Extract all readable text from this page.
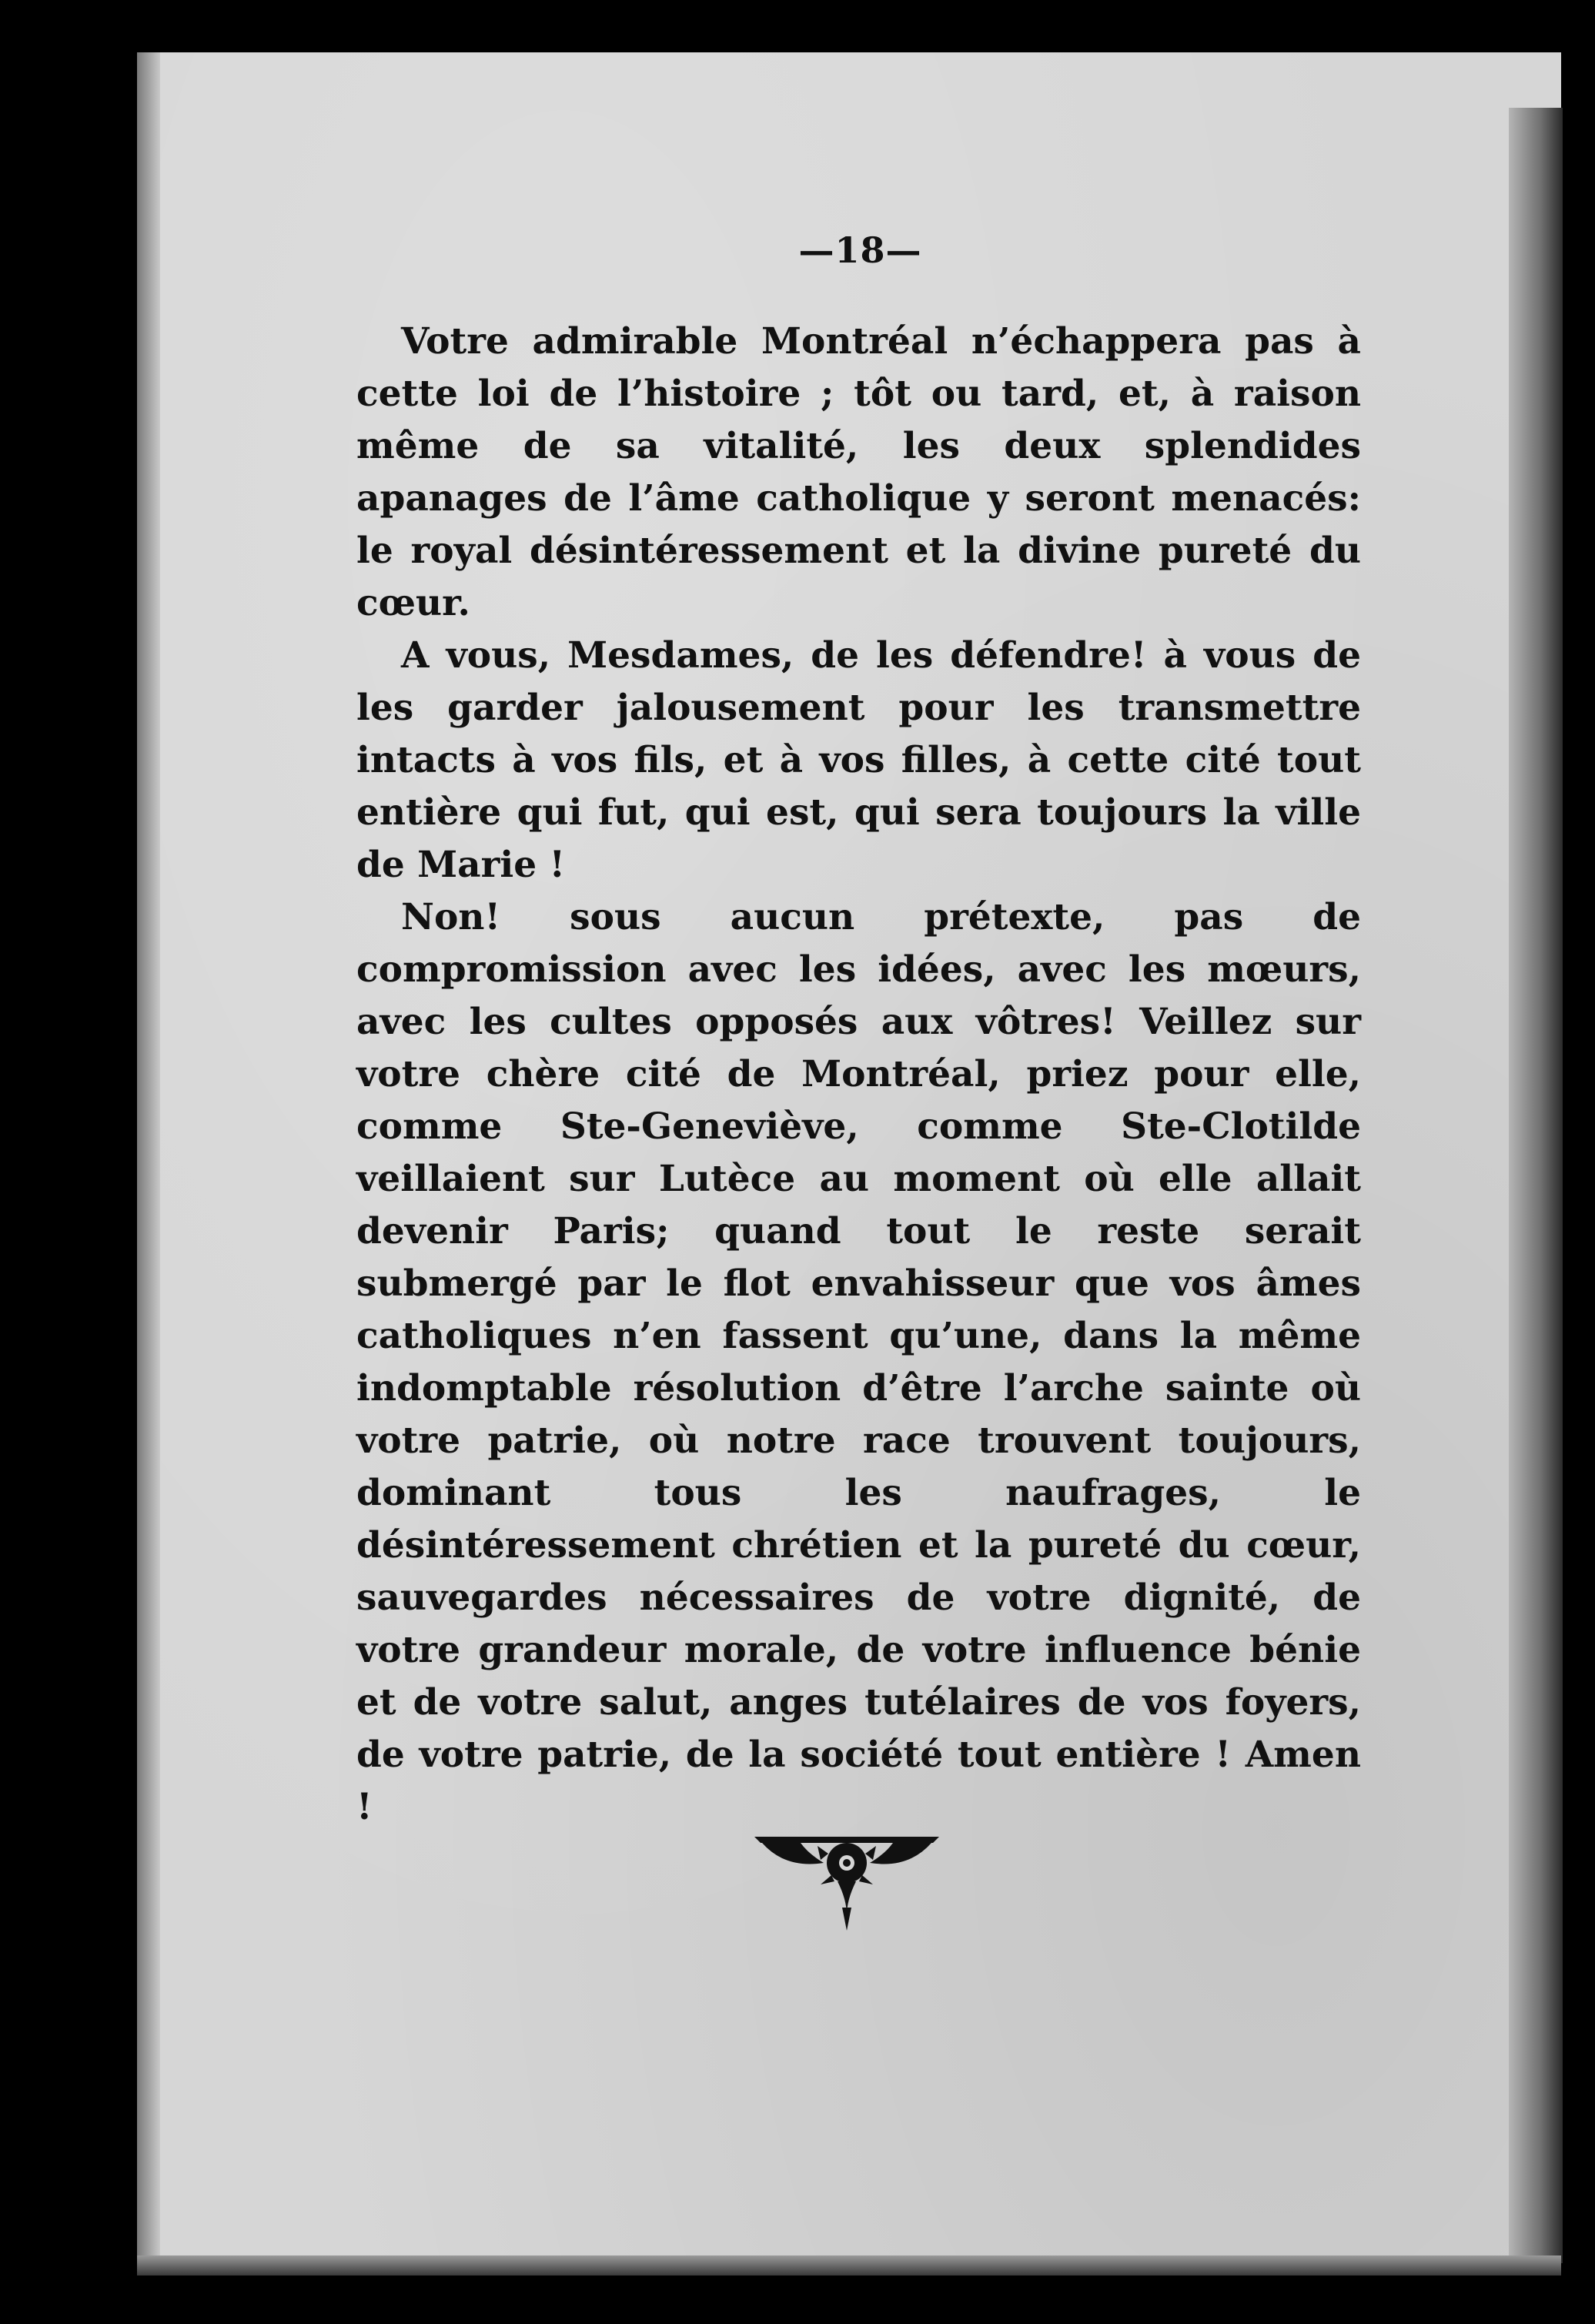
—18—

Votre admirable Montréal n’échappera pas à cette loi de l’histoire ; tôt ou tard, et, à raison même de sa vitalité, les deux splendides apanages de l’âme catholique y seront menacés: le royal désintéressement et la divine pureté du cœur.

A vous, Mesdames, de les défendre! à vous de les garder jalousement pour les transmettre intacts à vos fils, et à vos filles, à cette cité tout entière qui fut, qui est, qui sera toujours la ville de Marie !

Non! sous aucun prétexte, pas de compromission avec les idées, avec les mœurs, avec les cultes opposés aux vôtres! Veillez sur votre chère cité de Montréal, priez pour elle, comme Ste-Geneviève, comme Ste-Clotilde veillaient sur Lutèce au moment où elle allait devenir Paris; quand tout le reste serait submergé par le flot envahisseur que vos âmes catholiques n’en fassent qu’une, dans la même indomptable résolution d’être l’arche sainte où votre patrie, où notre race trouvent toujours, dominant tous les naufrages, le désintéressement chrétien et la pureté du cœur, sauvegardes nécessaires de votre dignité, de votre grandeur morale, de votre influence bénie et de votre salut, anges tutélaires de vos foyers, de votre patrie, de la société tout entière ! Amen !
